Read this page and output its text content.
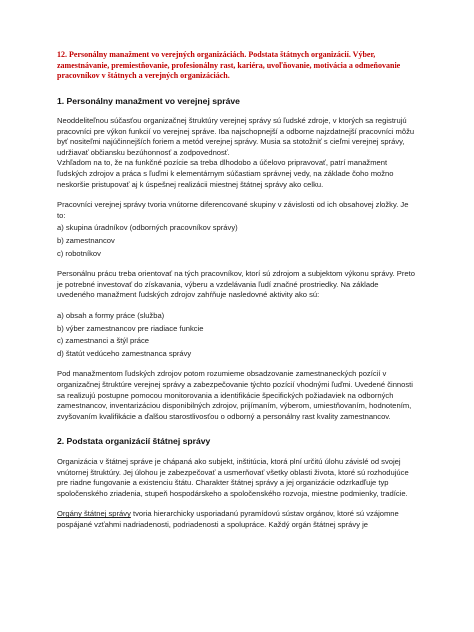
12. Personálny manažment vo verejných organizáciách. Podstata štátnych organizácií. Výber, zamestnávanie, premiestňovanie, profesionálny rast, kariéra, uvoľňovanie, motivácia a odmeňovanie pracovníkov v štátnych a verejných organizáciách.
1. Personálny manažment vo verejnej správe

Neoddeliteľnou súčasťou organizačnej štruktúry verejnej správy sú ľudské zdroje, v ktorých sa registrujú pracovníci pre výkon funkcií vo verejnej správe. Iba najschopnejší a odborne najzdatnejší pracovníci môžu byť nositeľmi najúčinnejších foriem a metód verejnej správy. Musia sa stotožniť s cieľmi verejnej správy, udržiavať občiansku bezúhonnosť a zodpovednosť.

Vzhľadom na to, že na funkčné pozície sa treba dlhodobo a účelovo pripravovať, patrí manažment ľudských zdrojov a práca s ľuďmi k elementárnym súčastiam správnej vedy, na základe čoho možno neskoršie pristupovať aj k úspešnej realizácii miestnej štátnej správy ako celku.

Pracovníci verejnej správy tvoria vnútorne diferencované skupiny v závislosti od ich obsahovej zložky. Je to:

a) skupina úradníkov (odborných pracovníkov správy)

b) zamestnancov

c) robotníkov

Personálnu prácu treba orientovať na tých pracovníkov, ktorí sú zdrojom a subjektom výkonu správy. Preto je potrebné investovať do získavania, výberu a vzdelávania ľudí značné prostriedky. Na základe uvedeného manažment ľudských zdrojov zahŕňuje nasledovné aktivity ako sú:

a) obsah a formy práce (služba)

b) výber zamestnancov pre riadiace funkcie

c) zamestnanci a štýl práce

d) štatút vedúceho zamestnanca správy

Pod manažmentom ľudských zdrojov potom rozumieme obsadzovanie zamestnaneckých pozícií v organizačnej štruktúre verejnej správy a zabezpečovanie týchto pozícií vhodnými ľuďmi. Uvedené činnosti sa realizujú postupne pomocou monitorovania a identifikácie špecifických požiadaviek na odborných zamestnancov, inventarizáciou disponibilných zdrojov, prijímaním, výberom, umiestňovaním, hodnotením, zvyšovaním kvalifikácie a ďalšou starostlivosťou o odborný a personálny rast kvality zamestnancov.

2. Podstata organizácií štátnej správy

Organizácia v štátnej správe je chápaná ako subjekt, inštitúcia, ktorá plní určitú úlohu závislé od svojej vnútornej štruktúry. Jej úlohou je zabezpečovať a usmerňovať všetky oblasti života, ktoré sú rozhodujúce pre riadne fungovanie a existenciu štátu. Charakter štátnej správy a jej organizácie odzrkadľuje typ spoločenského zriadenia, stupeň hospodárskeho a spoločenského rozvoja, miestne podmienky, tradície.

Orgány štátnej správy tvoria hierarchicky usporiadanú pyramídovú sústav orgánov, ktoré sú vzájomne pospájané vzťahmi nadriadenosti, podriadenosti a spolupráce. Každý orgán štátnej správy je
